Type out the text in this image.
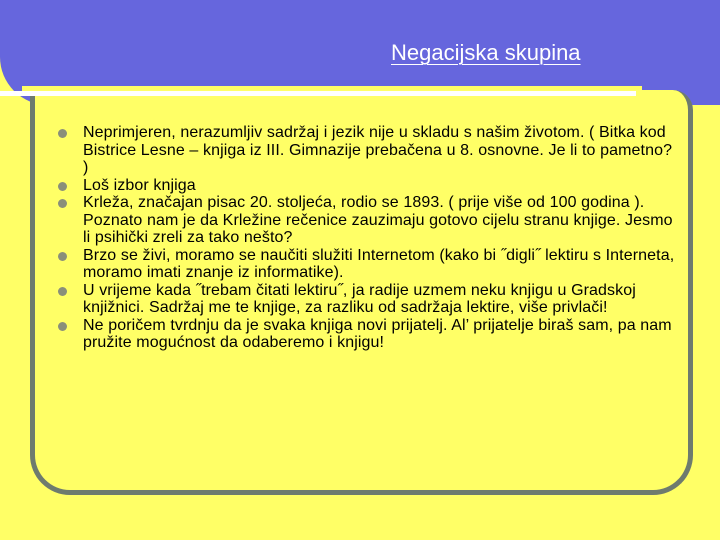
Negacijska skupina
Neprimjeren, nerazumljiv sadržaj i jezik nije u skladu s našim životom. ( Bitka kod Bistrice Lesne – knjiga iz III. Gimnazije prebačena u 8. osnovne. Je li to pametno? )
Loš izbor knjiga
Krleža, značajan pisac 20. stoljeća, rodio se 1893. ( prije više od 100 godina ). Poznato nam je da Krležine rečenice zauzimaju gotovo cijelu stranu knjige. Jesmo li psihički zreli za tako nešto?
Brzo se živi, moramo se naučiti služiti Internetom (kako bi ˝digli˝ lektiru s Interneta, moramo imati znanje iz informatike).
U vrijeme kada ˝trebam čitati lektiru˝, ja radije uzmem neku knjigu u Gradskoj knjižnici. Sadržaj me te knjige, za razliku od sadržaja lektire, više privlači!
Ne poričem tvrdnju da je svaka knjiga novi prijatelj. Al’ prijateljе biraš sam, pa nam pružite mogućnost da odaberemo i knjigu!
